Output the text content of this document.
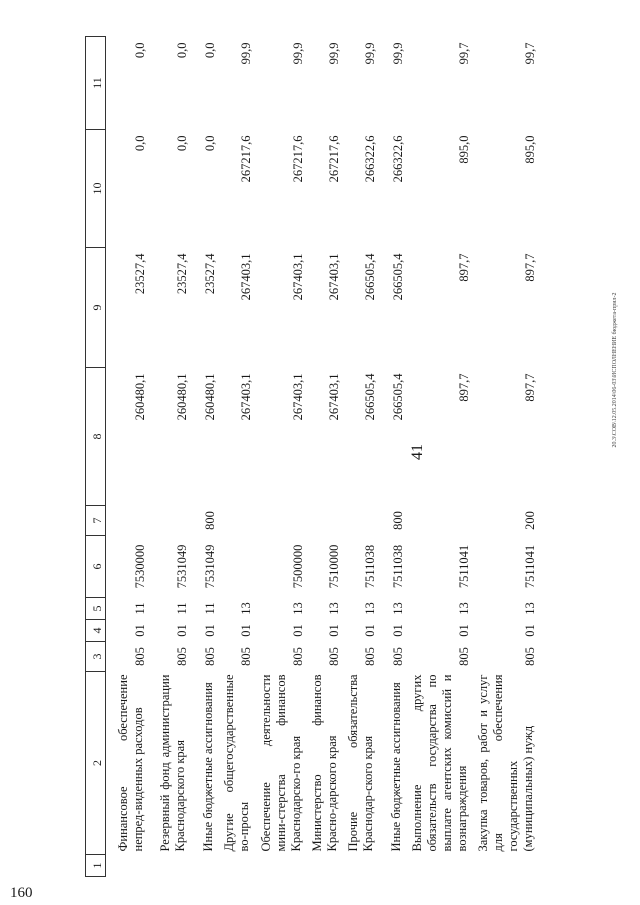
41
160
20.3\СОВ\12.05.2014\06-03\ИСПОЛНЕНИЕ бюджета-прил-2
1	2	3	4	5	6	7	8	9	10	11
	Финансовое обеспечение непред-виденных расходов	805	01	11	7530000		260480,1	23527,4	0,0	0,0
	Резервный фонд администрации Краснодарского края	805	01	11	7531049		260480,1	23527,4	0,0	0,0
	Иные бюджетные ассигнования	805	01	11	7531049	800	260480,1	23527,4	0,0	0,0
	Другие общегосударственные во-просы	805	01	13			267403,1	267403,1	267217,6	99,9
	Обеспечение деятельности мини-стерства финансов Краснодарско-го края	805	01	13	7500000		267403,1	267403,1	267217,6	99,9
	Министерство финансов Красно-дарского края	805	01	13	7510000		267403,1	267403,1	267217,6	99,9
	Прочие обязательства Краснодар-ского края	805	01	13	7511038		266505,4	266505,4	266322,6	99,9
	Иные бюджетные ассигнования	805	01	13	7511038	800	266505,4	266505,4	266322,6	99,9
	Выполнение других обязательств государства по выплате агентских комиссий и вознаграждения	805	01	13	7511041		897,7	897,7	895,0	99,7
	Закупка товаров, работ и услуг для обеспечения государственных (муниципальных) нужд	805	01	13	7511041	200	897,7	897,7	895,0	99,7
